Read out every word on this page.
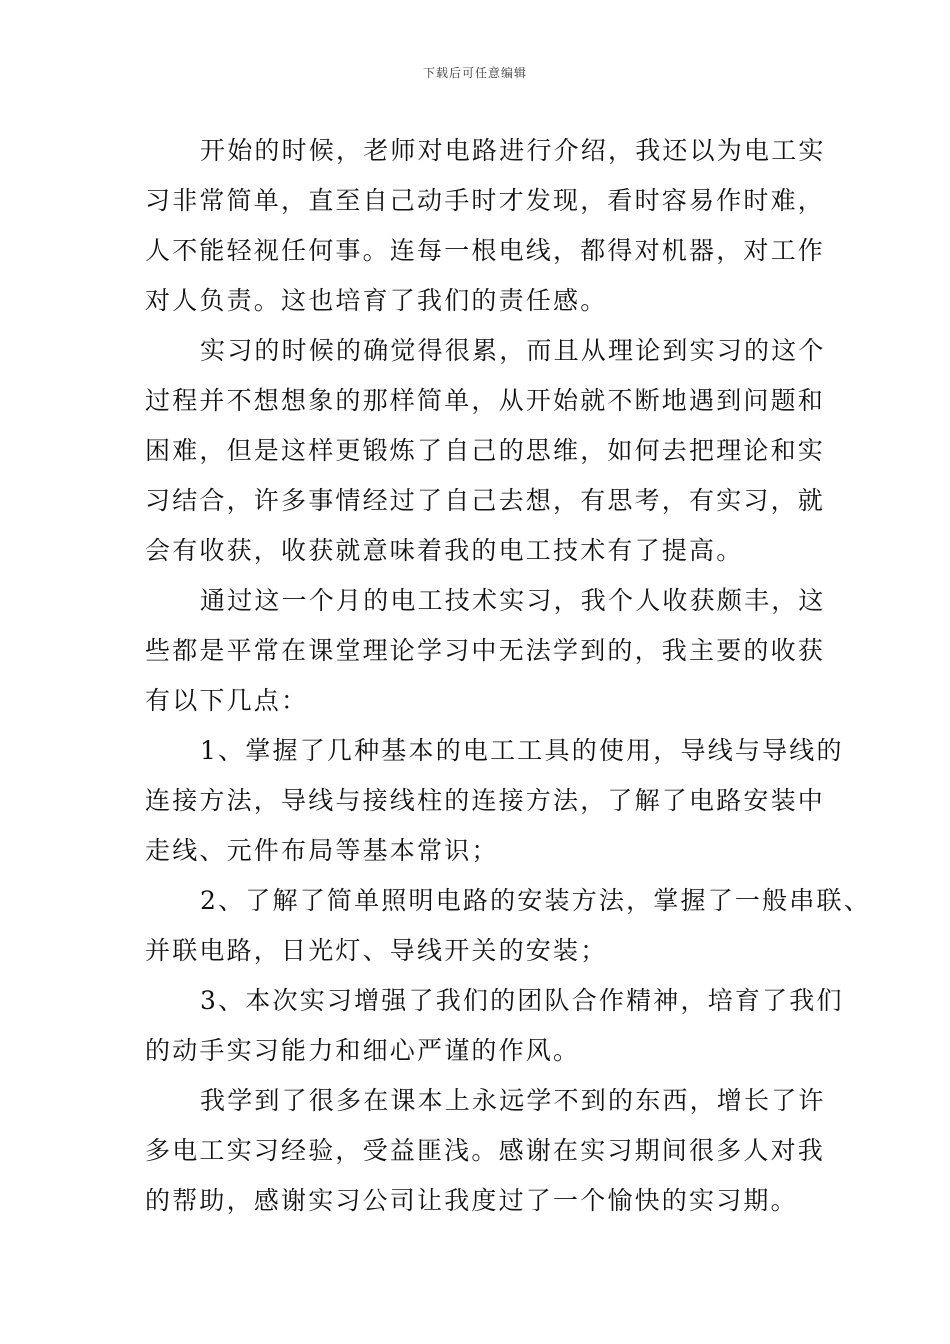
下载后可任意编辑

开始的时候，老师对电路进行介绍，我还以为电工实
习非常简单，直至自己动手时才发现，看时容易作时难，
人不能轻视任何事。连每一根电线，都得对机器，对工作
对人负责。这也培育了我们的责任感。

实习的时候的确觉得很累，而且从理论到实习的这个
过程并不想想象的那样简单，从开始就不断地遇到问题和
困难，但是这样更锻炼了自己的思维，如何去把理论和实
习结合，许多事情经过了自己去想，有思考，有实习，就
会有收获，收获就意味着我的电工技术有了提高。

通过这一个月的电工技术实习，我个人收获颇丰，这
些都是平常在课堂理论学习中无法学到的，我主要的收获
有以下几点：

1、掌握了几种基本的电工工具的使用，导线与导线的
连接方法，导线与接线柱的连接方法，了解了电路安装中
走线、元件布局等基本常识；

2、了解了简单照明电路的安装方法，掌握了一般串联、
并联电路，日光灯、导线开关的安装；

3、本次实习增强了我们的团队合作精神，培育了我们
的动手实习能力和细心严谨的作风。

我学到了很多在课本上永远学不到的东西，增长了许
多电工实习经验，受益匪浅。感谢在实习期间很多人对我
的帮助，感谢实习公司让我度过了一个愉快的实习期。
